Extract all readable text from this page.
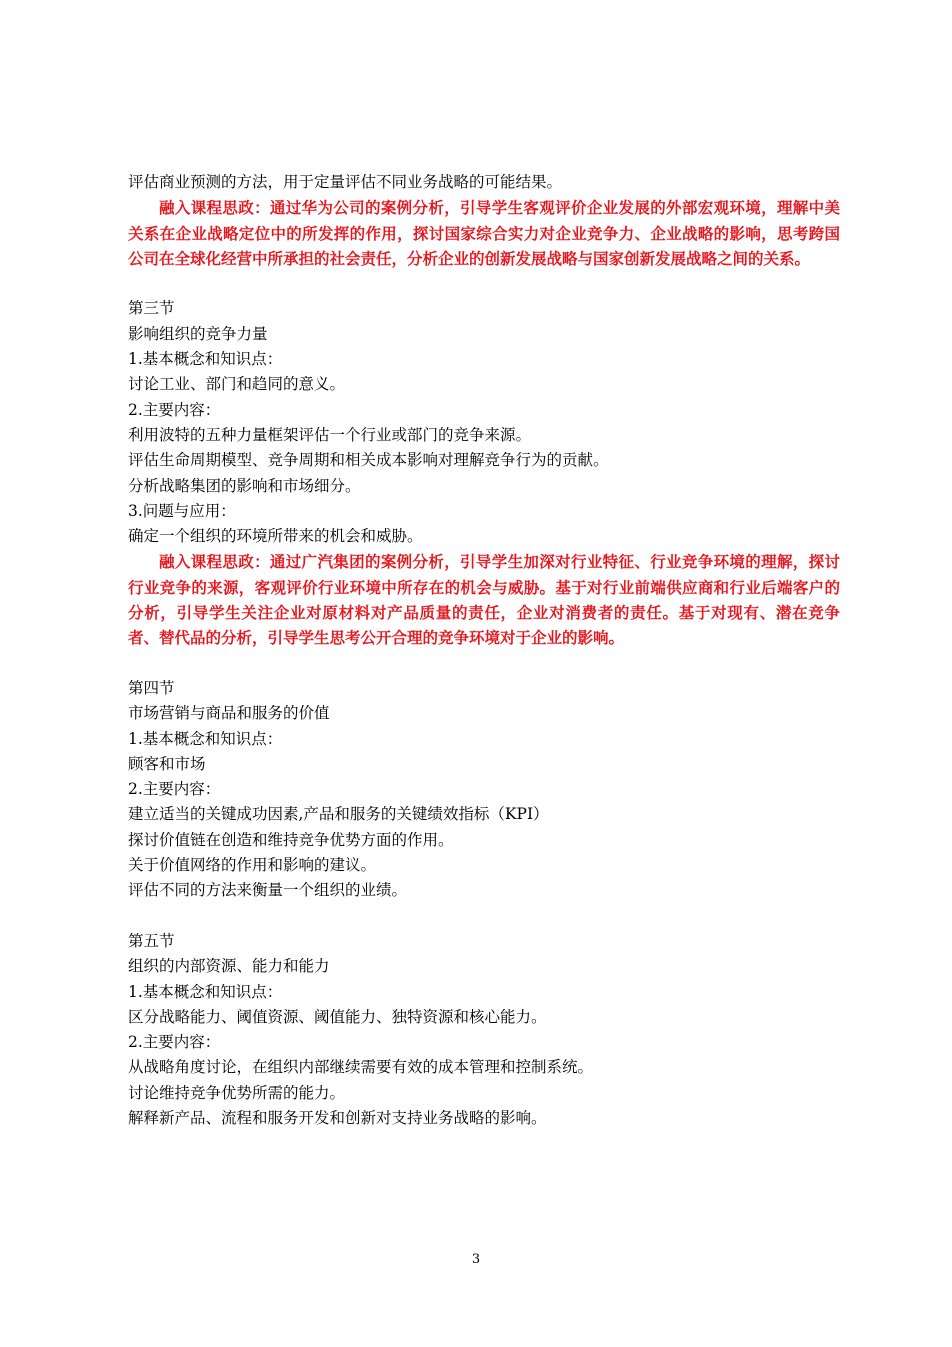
评估商业预测的方法，用于定量评估不同业务战略的可能结果。
融入课程思政：通过华为公司的案例分析，引导学生客观评价企业发展的外部宏观环境，理解中美关系在企业战略定位中的所发挥的作用，探讨国家综合实力对企业竞争力、企业战略的影响，思考跨国公司在全球化经营中所承担的社会责任，分析企业的创新发展战略与国家创新发展战略之间的关系。
第三节
影响组织的竞争力量
1.基本概念和知识点：
讨论工业、部门和趋同的意义。
2.主要内容：
利用波特的五种力量框架评估一个行业或部门的竞争来源。
评估生命周期模型、竞争周期和相关成本影响对理解竞争行为的贡献。
分析战略集团的影响和市场细分。
3.问题与应用：
确定一个组织的环境所带来的机会和威胁。
融入课程思政：通过广汽集团的案例分析，引导学生加深对行业特征、行业竞争环境的理解，探讨行业竞争的来源，客观评价行业环境中所存在的机会与威胁。基于对行业前端供应商和行业后端客户的分析，引导学生关注企业对原材料对产品质量的责任，企业对消费者的责任。基于对现有、潜在竞争者、替代品的分析，引导学生思考公开合理的竞争环境对于企业的影响。
第四节
市场营销与商品和服务的价值
1.基本概念和知识点：
顾客和市场
2.主要内容：
建立适当的关键成功因素,产品和服务的关键绩效指标（KPI）
探讨价值链在创造和维持竞争优势方面的作用。
关于价值网络的作用和影响的建议。
评估不同的方法来衡量一个组织的业绩。
第五节
组织的内部资源、能力和能力
1.基本概念和知识点：
区分战略能力、阈值资源、阈值能力、独特资源和核心能力。
2.主要内容：
从战略角度讨论，在组织内部继续需要有效的成本管理和控制系统。
讨论维持竞争优势所需的能力。
解释新产品、流程和服务开发和创新对支持业务战略的影响。
3
